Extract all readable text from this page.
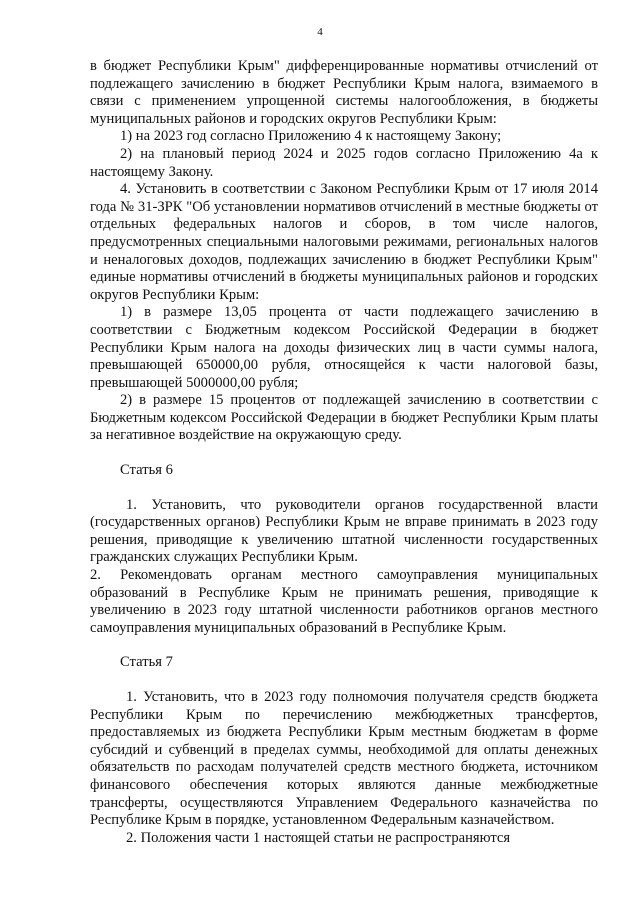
4

в бюджет Республики Крым" дифференцированные нормативы отчислений от подлежащего зачислению в бюджет Республики Крым налога, взимаемого в связи с применением упрощенной системы налогообложения, в бюджеты муниципальных районов и городских округов Республики Крым:

1) на 2023 год согласно Приложению 4 к настоящему Закону;

2) на плановый период 2024 и 2025 годов согласно Приложению 4а к настоящему Закону.

4. Установить в соответствии с Законом Республики Крым от 17 июля 2014 года № 31-ЗРК "Об установлении нормативов отчислений в местные бюджеты от отдельных федеральных налогов и сборов, в том числе налогов, предусмотренных специальными налоговыми режимами, региональных налогов и неналоговых доходов, подлежащих зачислению в бюджет Республики Крым" единые нормативы отчислений в бюджеты муниципальных районов и городских округов Республики Крым:

1) в размере 13,05 процента от части подлежащего зачислению в соответствии с Бюджетным кодексом Российской Федерации в бюджет Республики Крым налога на доходы физических лиц в части суммы налога, превышающей 650000,00 рубля, относящейся к части налоговой базы, превышающей 5000000,00 рубля;

2) в размере 15 процентов от подлежащей зачислению в соответствии с Бюджетным кодексом Российской Федерации в бюджет Республики Крым платы за негативное воздействие на окружающую среду.

Статья 6

1. Установить, что руководители органов государственной власти (государственных органов) Республики Крым не вправе принимать в 2023 году решения, приводящие к увеличению штатной численности государственных гражданских служащих Республики Крым.

2. Рекомендовать органам местного самоуправления муниципальных образований в Республике Крым не принимать решения, приводящие к увеличению в 2023 году штатной численности работников органов местного самоуправления муниципальных образований в Республике Крым.

Статья 7

1. Установить, что в 2023 году полномочия получателя средств бюджета Республики Крым по перечислению межбюджетных трансфертов, предоставляемых из бюджета Республики Крым местным бюджетам в форме субсидий и субвенций в пределах суммы, необходимой для оплаты денежных обязательств по расходам получателей средств местного бюджета, источником финансового обеспечения которых являются данные межбюджетные трансферты, осуществляются Управлением Федерального казначейства по Республике Крым в порядке, установленном Федеральным казначейством.

2. Положения части 1 настоящей статьи не распространяются
